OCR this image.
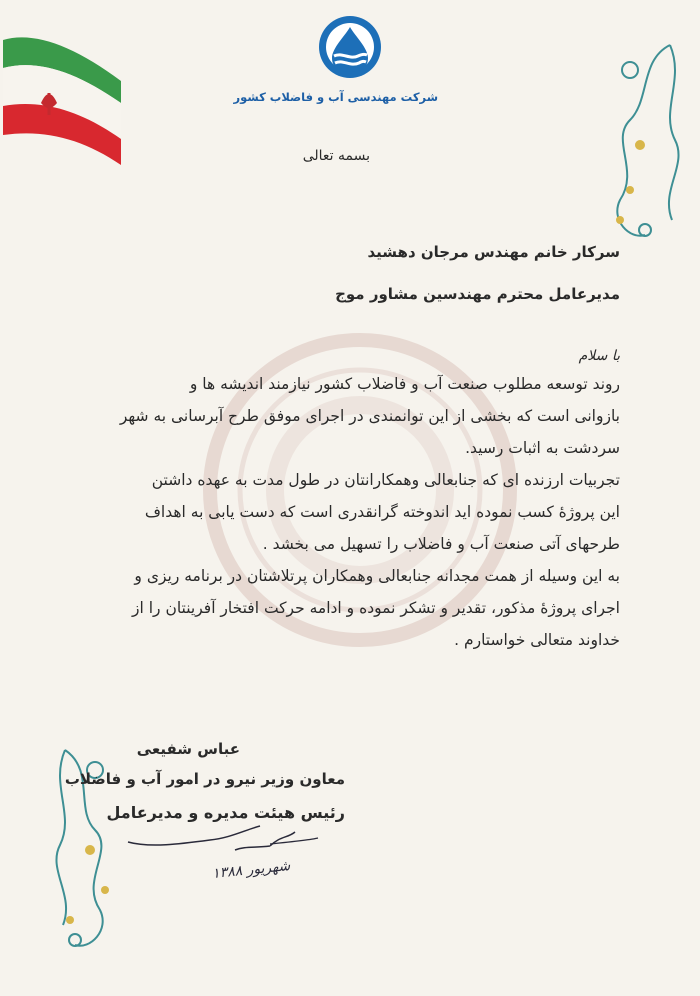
شرکت مهندسی آب و فاضلاب کشور
بسمه تعالی
سرکار خانم مهندس مرجان دهشید
مدیرعامل محترم مهندسین مشاور موج
با سلام
روند توسعه مطلوب صنعت آب و فاضلاب کشور نیازمند اندیشه ها و
بازوانی است که بخشی از این توانمندی در اجرای موفق طرح آبرسانی به شهر
سردشت به اثبات رسید.
تجربیات ارزنده ای که جنابعالی وهمکارانتان در طول مدت به عهده داشتن
این پروژهٔ کسب نموده اید اندوخته گرانقدری است که دست یابی به اهداف
طرحهای آتی صنعت آب و فاضلاب را تسهیل می بخشد .
به این وسیله از همت مجدانه جنابعالی وهمکاران پرتلاشتان در برنامه ریزی و
اجرای پروژهٔ مذکور، تقدیر و تشکر نموده و ادامه حرکت افتخار آفرینتان را از
خداوند متعالی خواستارم .
عباس شفیعی
معاون وزیر نیرو در امور آب و فاضلاب
رئیس هیئت مدیره و مدیرعامل
شهریور ۱۳۸۸
